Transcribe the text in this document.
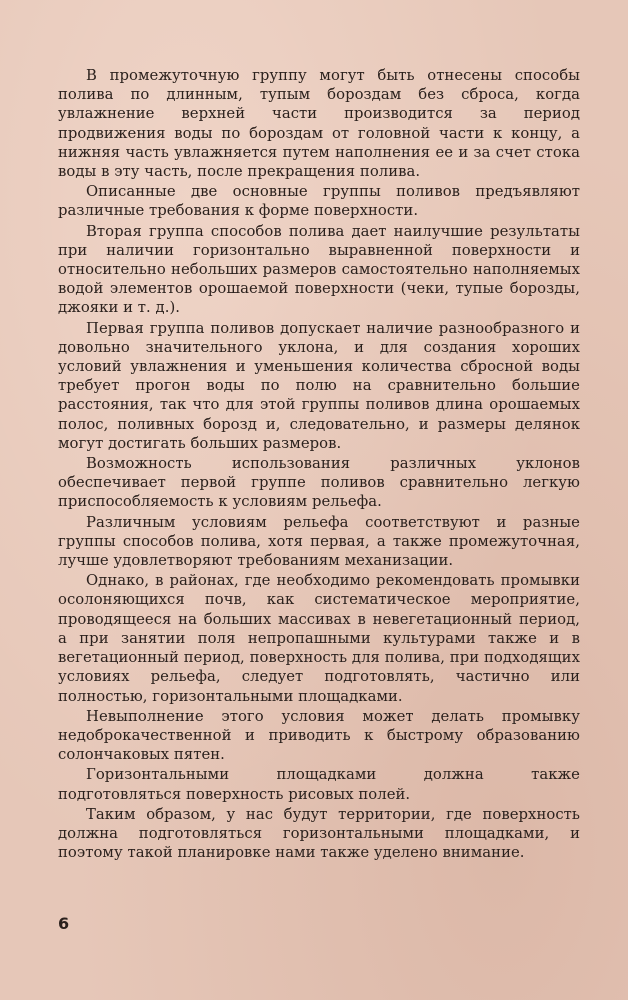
В промежуточную группу могут быть отнесены способы полива по длинным, тупым бороздам без сброса, когда увлажнение верхней части производится за период продвижения воды по бороздам от головной части к концу, а нижняя часть увлажняется путем наполнения ее и за счет стока воды в эту часть, после прекращения полива.

Описанные две основные группы поливов предъявляют различные требования к форме поверхности.

Вторая группа способов полива дает наилучшие результаты при наличии горизонтально выравненной поверхности и относительно небольших размеров самостоятельно наполняемых водой элементов орошаемой поверхности (чеки, тупые борозды, джояки и т. д.).

Первая группа поливов допускает наличие разнообразного и довольно значительного уклона, и для создания хороших условий увлажнения и уменьшения количества сбросной воды требует прогон воды по полю на сравнительно большие расстояния, так что для этой группы поливов длина орошаемых полос, поливных борозд и, следовательно, и размеры делянок могут достигать больших размеров.

Возможность использования различных уклонов обеспечивает первой группе поливов сравнительно легкую приспособляемость к условиям рельефа.

Различным условиям рельефа соответствуют и разные группы способов полива, хотя первая, а также промежуточная, лучше удовлетворяют требованиям механизации.

Однако, в районах, где необходимо рекомендовать промывки осолоняющихся почв, как систематическое мероприятие, проводящееся на больших массивах в невегетационный период, а при занятии поля непропашными культурами также и в вегетационный период, поверхность для полива, при подходящих условиях рельефа, следует подготовлять, частично или полностью, горизонтальными площадками.

Невыполнение этого условия может делать промывку недоброкачественной и приводить к быстрому образованию солончаковых пятен.

Горизонтальными площадками должна также подготовляться поверхность рисовых полей.

Таким образом, у нас будут территории, где поверхность должна подготовляться горизонтальными площадками, и поэтому такой планировке нами также уделено внимание.

6
